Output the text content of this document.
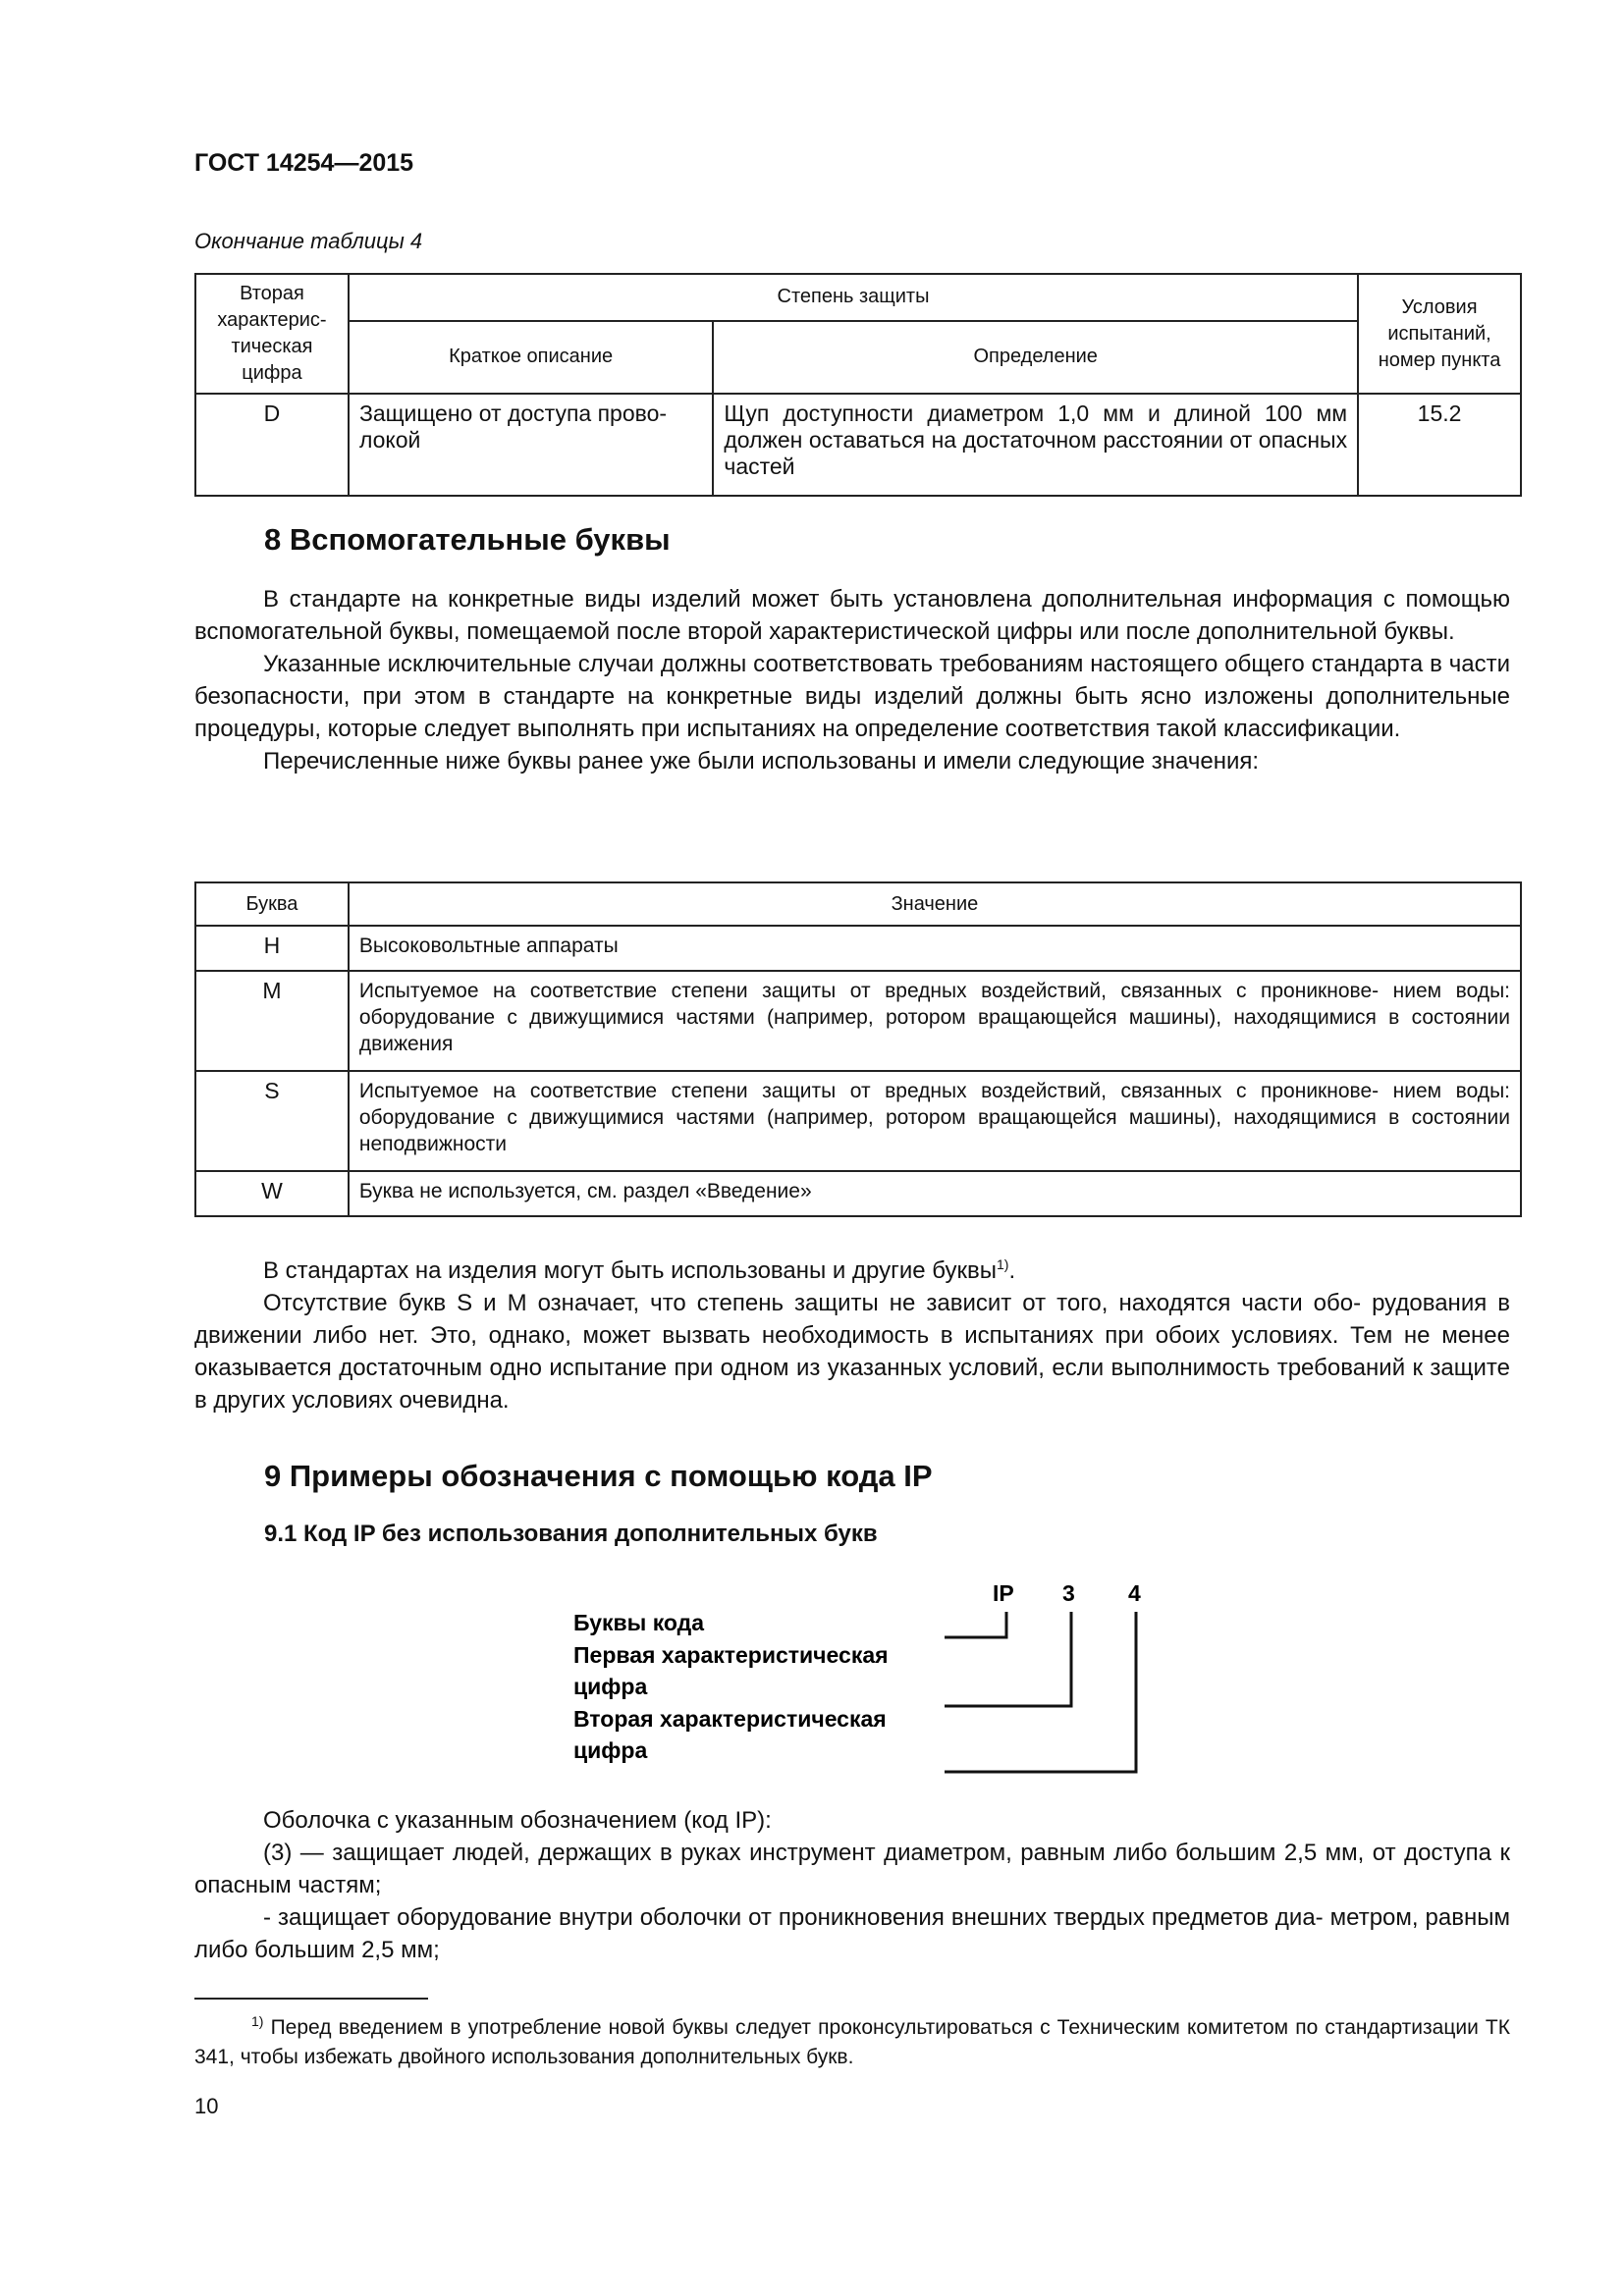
ГОСТ 14254—2015
Окончание таблицы 4
Вторая характерис- тическая цифра	Степень защиты		Условия испытаний, номер пункта
	Краткое описание	Определение	
D	Защищено от доступа прово- локой	Щуп доступности диаметром 1,0 мм и длиной 100 мм должен оставаться на достаточном расстоянии от опасных частей	15.2
8 Вспомогательные буквы

В стандарте на конкретные виды изделий может быть установлена дополнительная информация с помощью вспомогательной буквы, помещаемой после второй характеристической цифры или после дополнительной буквы.

Указанные исключительные случаи должны соответствовать требованиям настоящего общего стандарта в части безопасности, при этом в стандарте на конкретные виды изделий должны быть ясно изложены дополнительные процедуры, которые следует выполнять при испытаниях на определение соответствия такой классификации.

Перечисленные ниже буквы ранее уже были использованы и имели следующие значения:

Буква	Значение
H	Высоковольтные аппараты
M	Испытуемое на соответствие степени защиты от вредных воздействий, связанных с проникнове- нием воды: оборудование с движущимися частями (например, ротором вращающейся машины), находящимися в состоянии движения
S	Испытуемое на соответствие степени защиты от вредных воздействий, связанных с проникнове- нием воды: оборудование с движущимися частями (например, ротором вращающейся машины), находящимися в состоянии неподвижности
W	Буква не используется, см. раздел «Введение»

В стандартах на изделия могут быть использованы и другие буквы$^{1)}$.

Отсутствие букв S и M означает, что степень защиты не зависит от того, находятся части обо- рудования в движении либо нет. Это, однако, может вызвать необходимость в испытаниях при обоих условиях. Тем не менее оказывается достаточным одно испытание при одном из указанных условий, если выполнимость требований к защите в других условиях очевидна.

9 Примеры обозначения с помощью кода IP
9.1 Код IP без использования дополнительных букв
IP 3 4
Буквы кода
Первая характеристическая
цифра
Вторая характеристическая
цифра

Оболочка с указанным обозначением (код IP):

(3) — защищает людей, держащих в руках инструмент диаметром, равным либо большим 2,5 мм, от доступа к опасным частям;

- защищает оборудование внутри оболочки от проникновения внешних твердых предметов диа- метром, равным либо большим 2,5 мм;

$^{1)}$ Перед введением в употребление новой буквы следует проконсультироваться с Техническим комитетом по стандартизации ТК 341, чтобы избежать двойного использования дополнительных букв.

10
